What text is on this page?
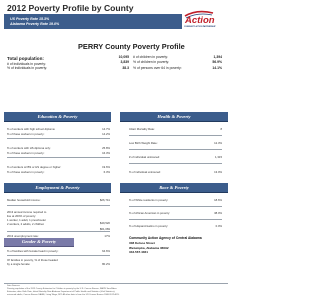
2012 Poverty Profile by County
US Poverty Rate 15.3%
Alabama Poverty Rate 19.0%	Action
COMMUNITY ACTION PARTNERSHIP
PERRY County Poverty Profile
Total population:	10,095
# of individuals in poverty:	3,839
% of individuals in poverty:	38.3
# of children in poverty:	1,394
% of children in poverty:	56.9%
% of persons over 64 in poverty:	14.1%
Education & Poverty	Health & Poverty
% of workers with high school diploma:	14.7%
% of these workers in poverty:	14.2%
% of workers with HS diploma only:	25.8%
% of these workers in poverty:	16.3%
% of workers w/ BS or HS degree or higher:	19.6%
% of these workers in poverty:	6.3%
Infant Mortality Rate:	8
Low Birth Weight Rate:	12.3%
# of individual uninsured:	1,315
% of individual uninsured:	13.0%
Employment & Poverty	Race & Poverty
Median household income:	$26,741
2013 annual income required to
live at 200% of poverty:
1 worker, 1 adult, 1 preschooler
$49,520
2 workers, 2 adults, 2 children
$61,069
2013 unemployment rate:	17%
% of White residents in poverty:	18.6%
% of African American in poverty:	38.0%
% of Hispanic/Latino in poverty:	0.0%
Gender & Poverty
% of families with female head in poverty:	64.6%
Of families in poverty, % of those headed
by a single female:	80.2%
Community Action Agency of Central Alabama
308 Kelsoe Street
Wetumpka, Alabama 36092
334.567.4361
Data Sources:
Poverty population of the 2013 County Estimates for Children in poverty by the U.S. Census Bureau, SAIPE Small Area
Estimates; data: Birth Rate, Infant Mortality Rate Alabama Department of Public Health and Statistics (Vital Statistics);
uninsured adults, Census Bureau SAHIE; Living Wage, MIT. All other data is from the US Census Bureau 2008-2012 ACS.
